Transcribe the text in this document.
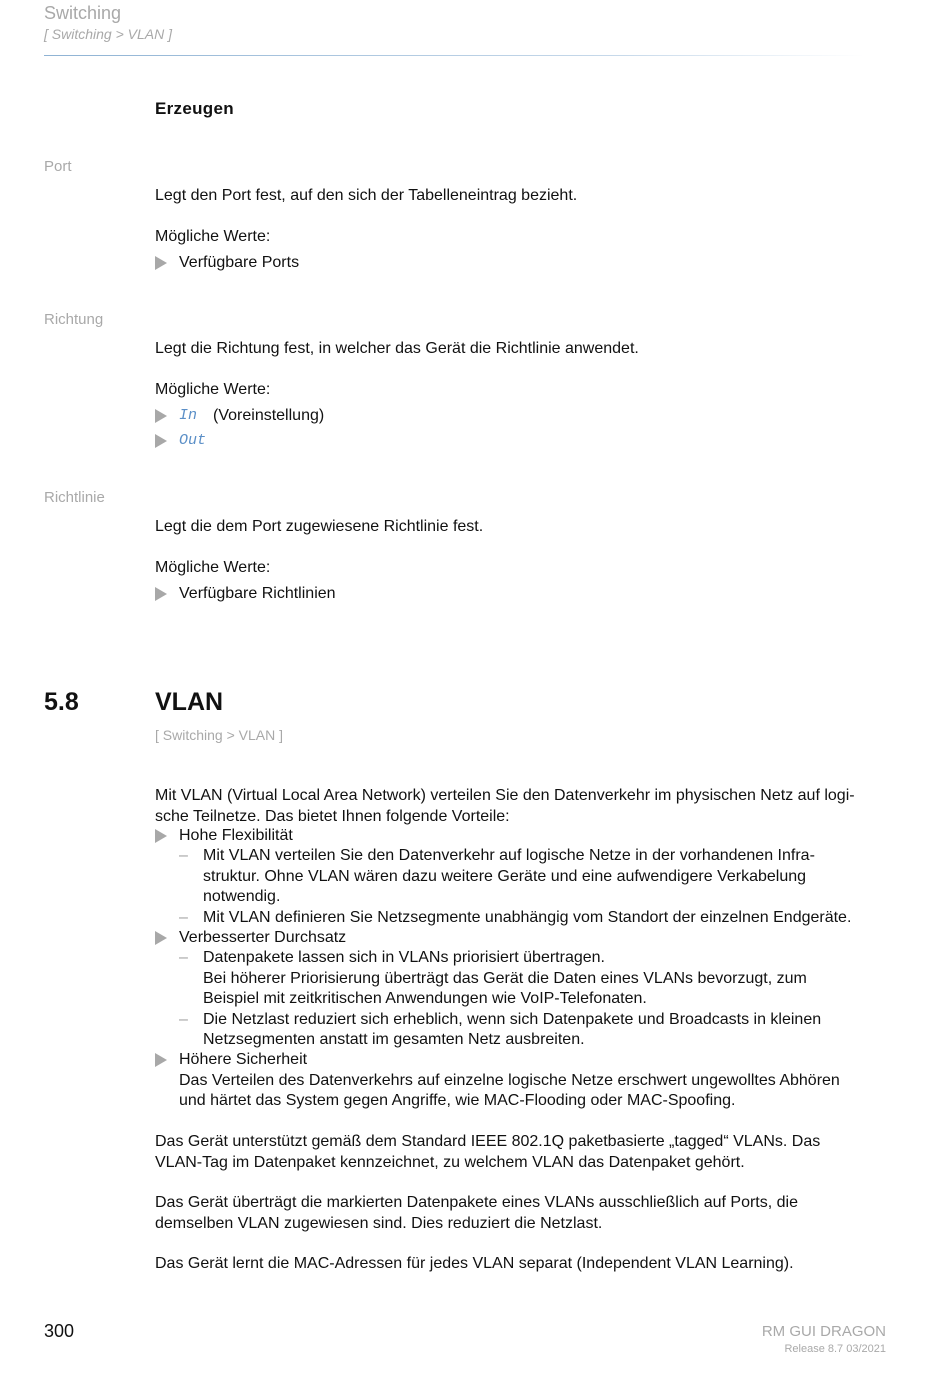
Switching
[ Switching > VLAN ]
Erzeugen
Port
Legt den Port fest, auf den sich der Tabelleneintrag bezieht.
Mögliche Werte:
Verfügbare Ports
Richtung
Legt die Richtung fest, in welcher das Gerät die Richtlinie anwendet.
Mögliche Werte:
In (Voreinstellung)
Out
Richtlinie
Legt die dem Port zugewiesene Richtlinie fest.
Mögliche Werte:
Verfügbare Richtlinien
5.8	VLAN
[ Switching > VLAN ]
Mit VLAN (Virtual Local Area Network) verteilen Sie den Datenverkehr im physischen Netz auf logi-
sche Teilnetze. Das bietet Ihnen folgende Vorteile:
Hohe Flexibilität
– Mit VLAN verteilen Sie den Datenverkehr auf logische Netze in der vorhandenen Infra-
struktur. Ohne VLAN wären dazu weitere Geräte und eine aufwendigere Verkabelung
notwendig.
– Mit VLAN definieren Sie Netzsegmente unabhängig vom Standort der einzelnen Endgeräte.
Verbesserter Durchsatz
– Datenpakete lassen sich in VLANs priorisiert übertragen.
Bei höherer Priorisierung überträgt das Gerät die Daten eines VLANs bevorzugt, zum
Beispiel mit zeitkritischen Anwendungen wie VoIP-Telefonaten.
– Die Netzlast reduziert sich erheblich, wenn sich Datenpakete und Broadcasts in kleinen
Netzsegmenten anstatt im gesamten Netz ausbreiten.
Höhere Sicherheit
Das Verteilen des Datenverkehrs auf einzelne logische Netze erschwert ungewolltes Abhören
und härtet das System gegen Angriffe, wie MAC-Flooding oder MAC-Spoofing.
Das Gerät unterstützt gemäß dem Standard IEEE 802.1Q paketbasierte „tagged“ VLANs. Das
VLAN-Tag im Datenpaket kennzeichnet, zu welchem VLAN das Datenpaket gehört.
Das Gerät überträgt die markierten Datenpakete eines VLANs ausschließlich auf Ports, die
demselben VLAN zugewiesen sind. Dies reduziert die Netzlast.
Das Gerät lernt die MAC-Adressen für jedes VLAN separat (Independent VLAN Learning).
300	RM GUI DRAGON
Release 8.7 03/2021
